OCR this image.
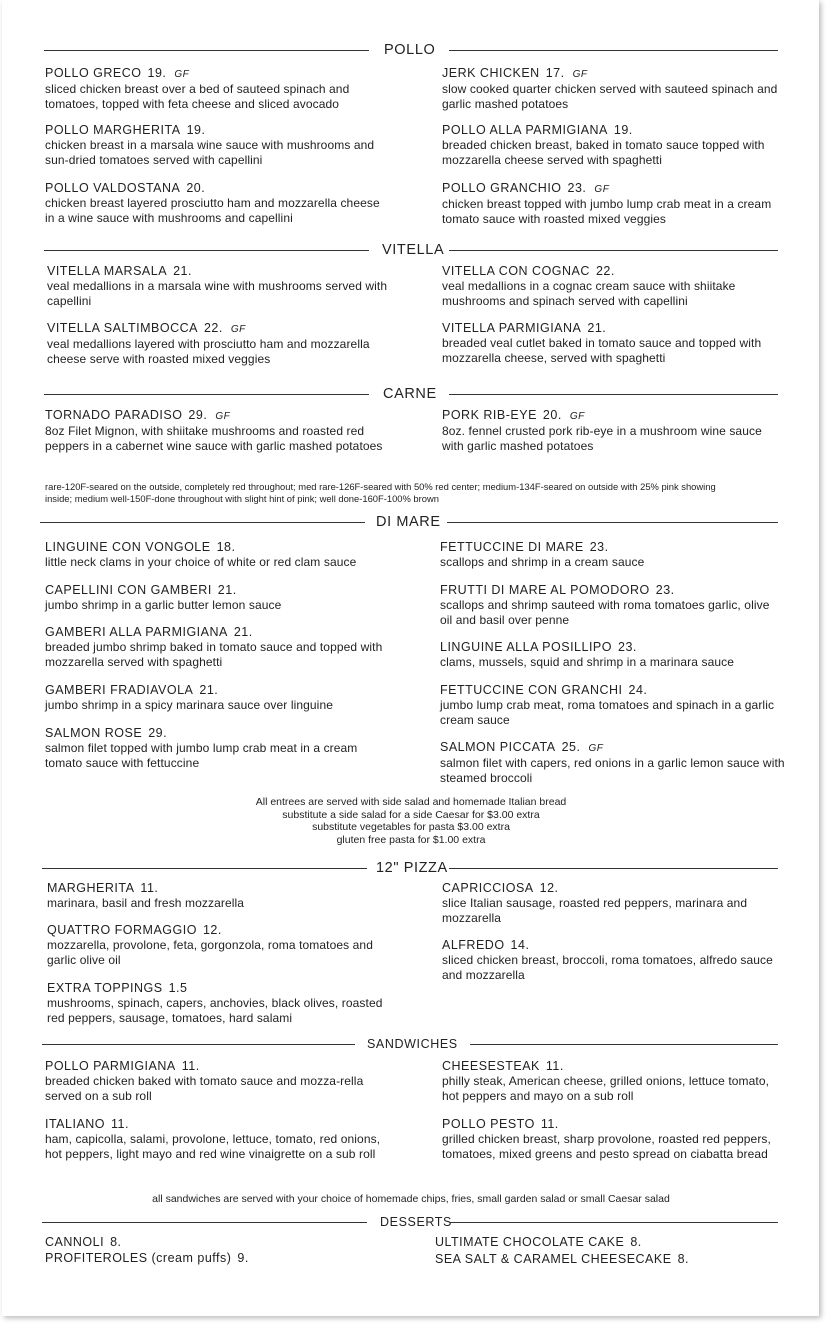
POLLO
POLLO GRECO 19. GF
sliced chicken breast over a bed of sauteed spinach and tomatoes, topped with feta cheese and sliced avocado
JERK CHICKEN 17. GF
slow cooked quarter chicken served with sauteed spinach and garlic mashed potatoes
POLLO MARGHERITA 19.
chicken breast in a marsala wine sauce with mushrooms and sun-dried tomatoes served with capellini
POLLO ALLA PARMIGIANA 19.
breaded chicken breast, baked in tomato sauce topped with mozzarella cheese served with spaghetti
POLLO VALDOSTANA 20.
chicken breast layered prosciutto ham and mozzarella cheese in a wine sauce with mushrooms and capellini
POLLO GRANCHIO 23. GF
chicken breast topped with jumbo lump crab meat in a cream tomato sauce with roasted mixed veggies
VITELLA
VITELLA MARSALA 21.
veal medallions in a marsala wine with mushrooms served with capellini
VITELLA CON COGNAC 22.
veal medallions in a cognac cream sauce with shiitake mushrooms and spinach served with capellini
VITELLA SALTIMBOCCA 22. GF
veal medallions layered with prosciutto ham and mozzarella cheese serve with roasted mixed veggies
VITELLA PARMIGIANA 21.
breaded veal cutlet baked in tomato sauce and topped with mozzarella cheese, served with spaghetti
CARNE
TORNADO PARADISO 29. GF
8oz Filet Mignon, with shiitake mushrooms and roasted red peppers in a cabernet wine sauce with garlic mashed potatoes
PORK RIB-EYE 20. GF
8oz. fennel crusted pork rib-eye in a mushroom wine sauce with garlic mashed potatoes
rare-120F-seared on the outside, completely red throughout; med rare-126F-seared with 50% red center; medium-134F-seared on outside with 25% pink showing
inside; medium well-150F-done throughout with slight hint of pink; well done-160F-100% brown
DI MARE
LINGUINE CON VONGOLE 18.
little neck clams in your choice of white or red clam sauce
FETTUCCINE DI MARE 23.
scallops and shrimp in a cream sauce
CAPELLINI CON GAMBERI 21.
jumbo shrimp in a garlic butter lemon sauce
FRUTTI DI MARE AL POMODORO 23.
scallops and shrimp sauteed with roma tomatoes garlic, olive oil and basil over penne
GAMBERI ALLA PARMIGIANA 21.
breaded jumbo shrimp baked in tomato sauce and topped with mozzarella served with spaghetti
LINGUINE ALLA POSILLIPO 23.
clams, mussels, squid and shrimp in a marinara sauce
GAMBERI FRADIAVOLA 21.
jumbo shrimp in a spicy marinara sauce over linguine
FETTUCCINE CON GRANCHI 24.
jumbo lump crab meat, roma tomatoes and spinach in a garlic cream sauce
SALMON ROSE 29.
salmon filet topped with jumbo lump crab meat in a cream tomato sauce with fettuccine
SALMON PICCATA 25. GF
salmon filet with capers, red onions in a garlic lemon sauce with steamed broccoli
All entrees are served with side salad and homemade Italian bread
substitute a side salad for a side Caesar for $3.00 extra
substitute vegetables for pasta $3.00 extra
gluten free pasta for $1.00 extra
12" PIZZA
MARGHERITA 11.
marinara, basil and fresh mozzarella
CAPRICCIOSA 12.
slice Italian sausage, roasted red peppers, marinara and mozzarella
QUATTRO FORMAGGIO 12.
mozzarella, provolone, feta, gorgonzola, roma tomatoes and garlic olive oil
ALFREDO 14.
sliced chicken breast, broccoli, roma tomatoes, alfredo sauce and mozzarella
EXTRA TOPPINGS 1.5
mushrooms, spinach, capers, anchovies, black olives, roasted red peppers, sausage, tomatoes, hard salami
SANDWICHES
POLLO PARMIGIANA 11.
breaded chicken baked with tomato sauce and mozza-rella served on a sub roll
CHEESESTEAK 11.
philly steak, American cheese, grilled onions, lettuce tomato, hot peppers and mayo on a sub roll
ITALIANO 11.
ham, capicolla, salami, provolone, lettuce, tomato, red onions, hot peppers, light mayo and red wine vinaigrette on a sub roll
POLLO PESTO 11.
grilled chicken breast, sharp provolone, roasted red peppers, tomatoes, mixed greens and pesto spread on ciabatta bread
all sandwiches are served with your choice of homemade chips, fries, small garden salad or small Caesar salad
DESSERTS
CANNOLI 8.	ULTIMATE CHOCOLATE CAKE 8.
PROFITEROLES (cream puffs) 9.	SEA SALT & CARAMEL CHEESECAKE 8.
